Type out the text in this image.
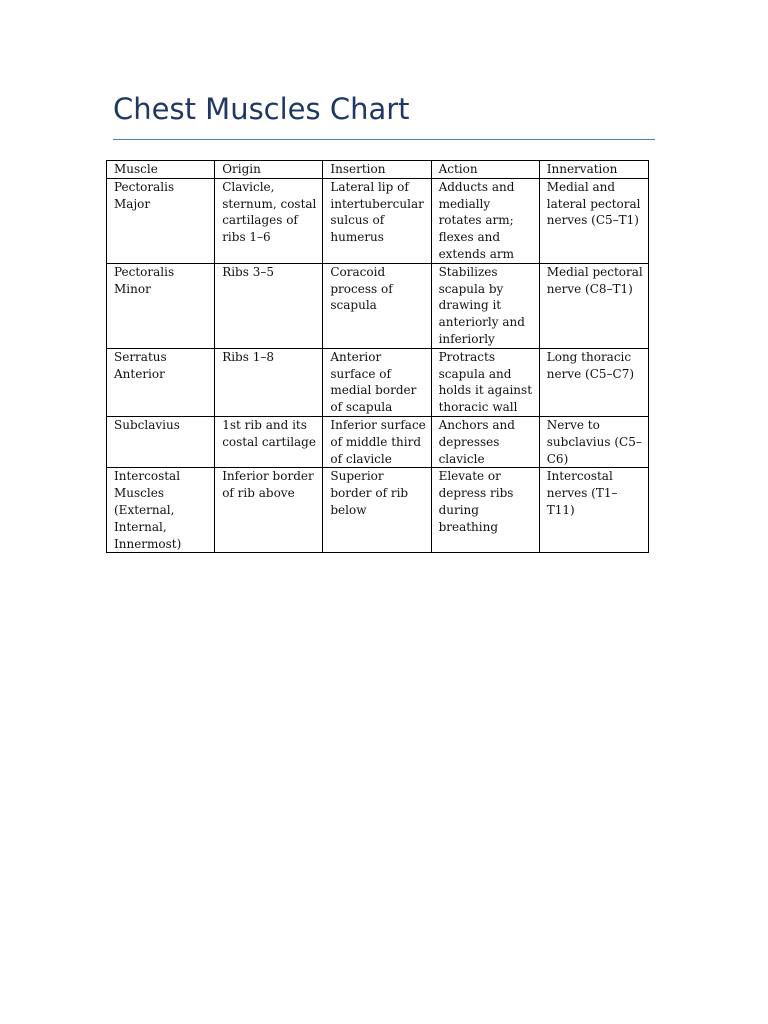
Chest Muscles Chart
Muscle	Origin	Insertion	Action	Innervation
Pectoralis Major	Clavicle, sternum, costal cartilages of ribs 1–6	Lateral lip of intertubercular sulcus of humerus	Adducts and medially rotates arm; flexes and extends arm	Medial and lateral pectoral nerves (C5–T1)
Pectoralis Minor	Ribs 3–5	Coracoid process of scapula	Stabilizes scapula by drawing it anteriorly and inferiorly	Medial pectoral nerve (C8–T1)
Serratus Anterior	Ribs 1–8	Anterior surface of medial border of scapula	Protracts scapula and holds it against thoracic wall	Long thoracic nerve (C5–C7)
Subclavius	1st rib and its costal cartilage	Inferior surface of middle third of clavicle	Anchors and depresses clavicle	Nerve to subclavius (C5–C6)
Intercostal Muscles (External, Internal, Innermost)	Inferior border of rib above	Superior border of rib below	Elevate or depress ribs during breathing	Intercostal nerves (T1–T11)
